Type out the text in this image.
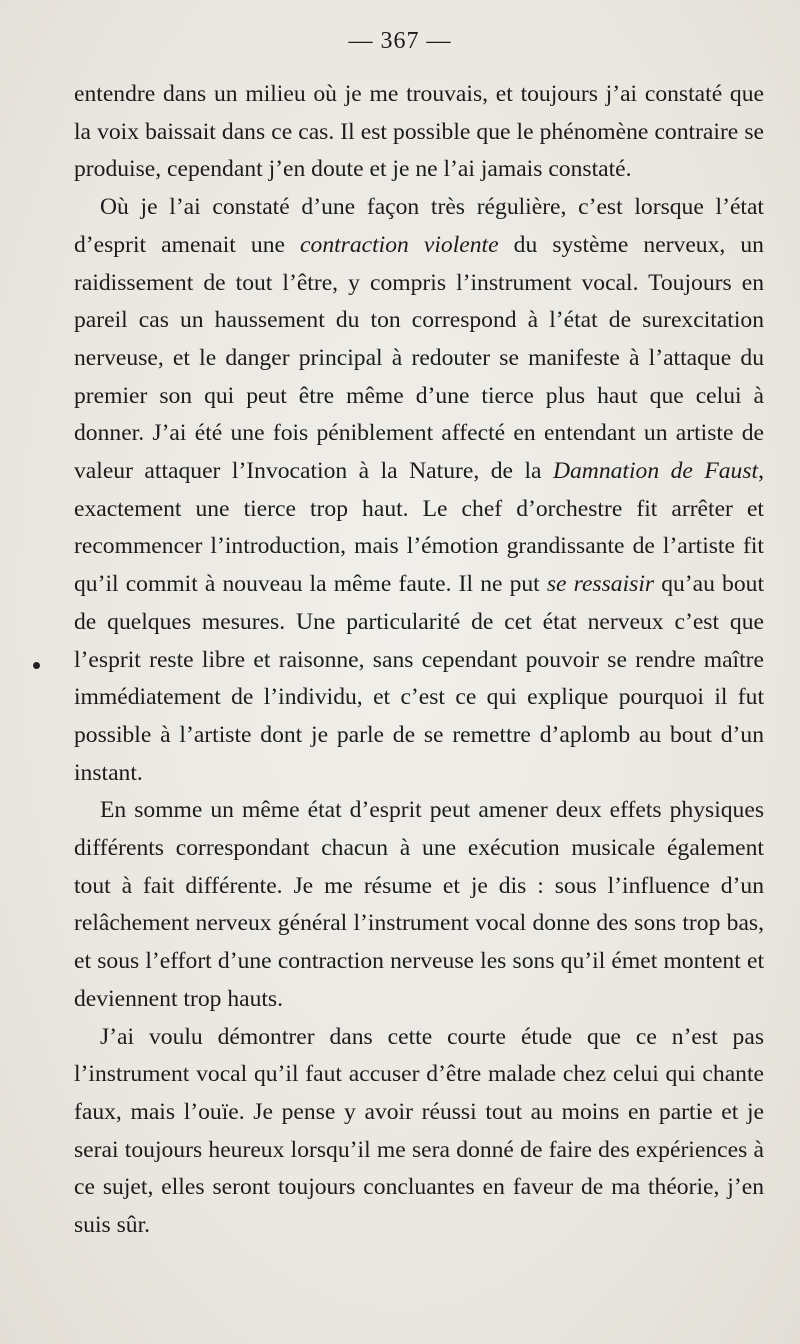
— 367 —

entendre dans un milieu où je me trouvais, et toujours j’ai constaté que la voix baissait dans ce cas. Il est possible que le phénomène contraire se produise, cependant j’en doute et je ne l’ai jamais constaté.

Où je l’ai constaté d’une façon très régulière, c’est lorsque l’état d’esprit amenait une contraction violente du système nerveux, un raidissement de tout l’être, y compris l’instrument vocal. Toujours en pareil cas un haussement du ton correspond à l’état de surexcitation nerveuse, et le danger principal à redouter se manifeste à l’attaque du premier son qui peut être même d’une tierce plus haut que celui à donner. J’ai été une fois péniblement affecté en entendant un artiste de valeur attaquer l’Invocation à la Nature, de la Damnation de Faust, exactement une tierce trop haut. Le chef d’orchestre fit arrêter et recommencer l’introduction, mais l’émotion grandissante de l’artiste fit qu’il commit à nouveau la même faute. Il ne put se ressaisir qu’au bout de quelques mesures. Une particularité de cet état nerveux c’est que l’esprit reste libre et raisonne, sans cependant pouvoir se rendre maître immédiatement de l’individu, et c’est ce qui explique pourquoi il fut possible à l’artiste dont je parle de se remettre d’aplomb au bout d’un instant.

En somme un même état d’esprit peut amener deux effets physiques différents correspondant chacun à une exécution musicale également tout à fait différente. Je me résume et je dis : sous l’influence d’un relâchement nerveux général l’instrument vocal donne des sons trop bas, et sous l’effort d’une contraction nerveuse les sons qu’il émet montent et deviennent trop hauts.

J’ai voulu démontrer dans cette courte étude que ce n’est pas l’instrument vocal qu’il faut accuser d’être malade chez celui qui chante faux, mais l’ouïe. Je pense y avoir réussi tout au moins en partie et je serai toujours heureux lorsqu’il me sera donné de faire des expériences à ce sujet, elles seront toujours concluantes en faveur de ma théorie, j’en suis sûr.
